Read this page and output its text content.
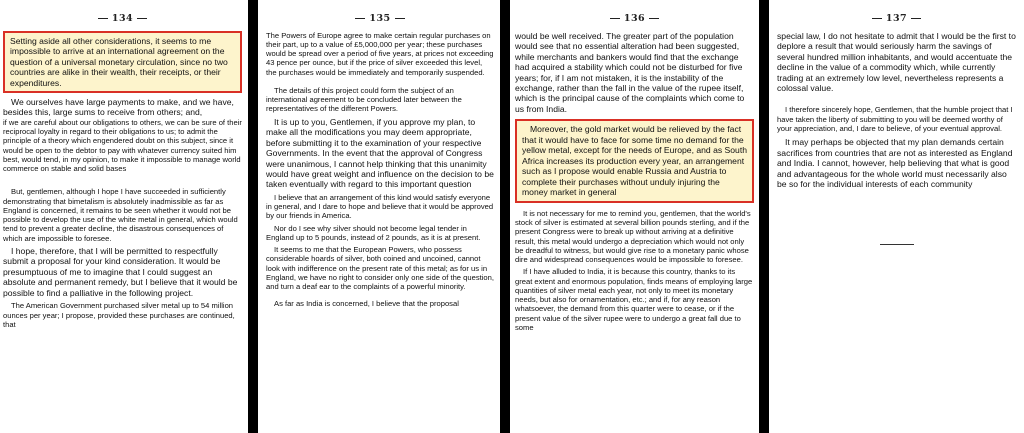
134

Setting aside all other considerations, it seems to me impossible to arrive at an international agreement on the question of a universal monetary circulation, since no two countries are alike in their wealth, their receipts, or their expenditures.

We ourselves have large payments to make, and we have, besides this, large sums to receive from others; and,

if we are careful about our obligations to others, we can be sure of their reciprocal loyalty in regard to their obligations to us; to admit the principle of a theory which engendered doubt on this subject, since it would be open to the debtor to pay with whatever currency suited him best, would tend, in my opinion, to make it impossible to manage world commerce on stable and solid bases

But, gentlemen, although I hope I have succeeded in sufficiently demonstrating that bimetalism is absolutely inadmissible as far as England is concerned, it remains to be seen whether it would not be possible to develop the use of the white metal in general, which would tend to prevent a greater decline, the disastrous consequences of which are impossible to foresee.

I hope, therefore, that I will be permitted to respectfully submit a proposal for your kind consideration. It would be presumptuous of me to imagine that I could suggest an absolute and permanent remedy, but I believe that it would be possible to find a palliative in the following project.

The American Government purchased silver metal up to 54 million ounces per year; I propose, provided these purchases are continued, that

135

The Powers of Europe agree to make certain regular purchases on their part, up to a value of £5,000,000 per year; these purchases would be spread over a period of five years, at prices not exceeding 43 pence per ounce, but if the price of silver exceeded this level, the purchases would be immediately and temporarily suspended.

The details of this project could form the subject of an international agreement to be concluded later between the representatives of the different Powers.

It is up to you, Gentlemen, if you approve my plan, to make all the modifications you may deem appropriate, before submitting it to the examination of your respective Governments. In the event that the approval of Congress were unanimous, I cannot help thinking that this unanimity would have great weight and influence on the decision to be taken eventually with regard to this important question

I believe that an arrangement of this kind would satisfy everyone in general, and I dare to hope and believe that it would be approved by our friends in America.

Nor do I see why silver should not become legal tender in England up to 5 pounds, instead of 2 pounds, as it is at present.

It seems to me that the European Powers, who possess considerable hoards of silver, both coined and uncoined, cannot look with indifference on the present rate of this metal; as for us in England, we have no right to consider only one side of the question, and turn a deaf ear to the complaints of a powerful minority.

As far as India is concerned, I believe that the proposal

136

would be well received. The greater part of the population would see that no essential alteration had been suggested, while merchants and bankers would find that the exchange had acquired a stability which could not be disturbed for five years; for, if I am not mistaken, it is the instability of the exchange, rather than the fall in the value of the rupee itself, which is the principal cause of the complaints which come to us from India.

Moreover, the gold market would be relieved by the fact that it would have to face for some time no demand for the yellow metal, except for the needs of Europe, and as South Africa increases its production every year, an arrangement such as I propose would enable Russia and Austria to complete their purchases without unduly injuring the money market in general

It is not necessary for me to remind you, gentlemen, that the world's stock of silver is estimated at several billion pounds sterling, and if the present Congress were to break up without arriving at a definitive result, this metal would undergo a depreciation which would not only be dreadful to witness, but would give rise to a monetary panic whose dire and widespread consequences would be impossible to foresee.

If I have alluded to India, it is because this country, thanks to its great extent and enormous population, finds means of employing large quantities of silver metal each year, not only to meet its monetary needs, but also for ornamentation, etc.; and if, for any reason whatsoever, the demand from this quarter were to cease, or if the present value of the silver rupee were to undergo a great fall due to some

137

special law, I do not hesitate to admit that I would be the first to deplore a result that would seriously harm the savings of several hundred million inhabitants, and would accentuate the decline in the value of a commodity which, while currently trading at an extremely low level, nevertheless represents a colossal value.

I therefore sincerely hope, Gentlemen, that the humble project that I have taken the liberty of submitting to you will be deemed worthy of your appreciation, and, I dare to believe, of your eventual approval.

It may perhaps be objected that my plan demands certain sacrifices from countries that are not as interested as England and India. I cannot, however, help believing that what is good and advantageous for the whole world must necessarily also be so for the individual interests of each community
